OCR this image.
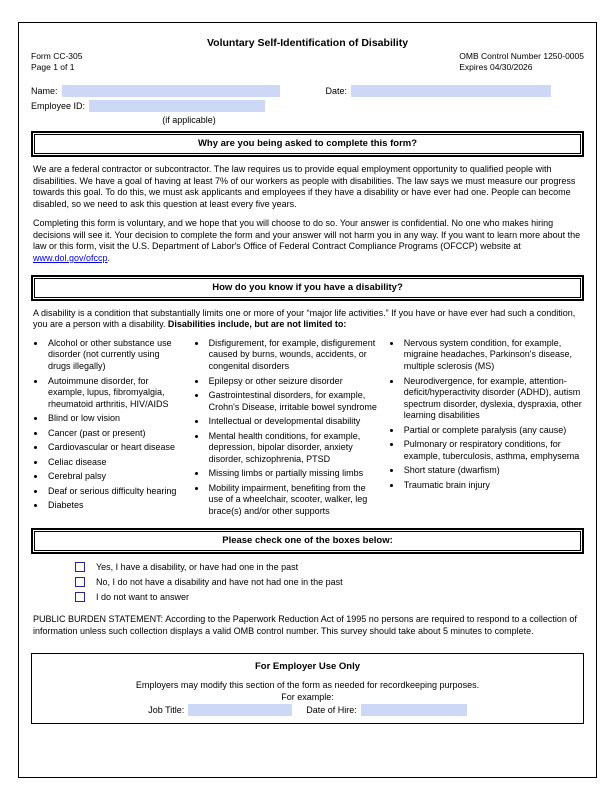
Voluntary Self-Identification of Disability
Form CC-305
Page 1 of 1
OMB Control Number 1250-0005
Expires 04/30/2026
Name:	Date:
Employee ID:
(if applicable)
Why are you being asked to complete this form?

We are a federal contractor or subcontractor. The law requires us to provide equal employment opportunity to qualified people with disabilities. We have a goal of having at least 7% of our workers as people with disabilities. The law says we must measure our progress towards this goal. To do this, we must ask applicants and employees if they have a disability or have ever had one. People can become disabled, so we need to ask this question at least every five years.

Completing this form is voluntary, and we hope that you will choose to do so. Your answer is confidential. No one who makes hiring decisions will see it. Your decision to complete the form and your answer will not harm you in any way. If you want to learn more about the law or this form, visit the U.S. Department of Labor's Office of Federal Contract Compliance Programs (OFCCP) website at www.dol.gov/ofccp.

How do you know if you have a disability?

A disability is a condition that substantially limits one or more of your “major life activities.” If you have or have ever had such a condition, you are a person with a disability. Disabilities include, but are not limited to:

• Alcohol or other substance use disorder (not currently using drugs illegally)
• Autoimmune disorder, for example, lupus, fibromyalgia, rheumatoid arthritis, HIV/AIDS
• Blind or low vision
• Cancer (past or present)
• Cardiovascular or heart disease
• Celiac disease
• Cerebral palsy
• Deaf or serious difficulty hearing
• Diabetes
• Disfigurement, for example, disfigurement caused by burns, wounds, accidents, or congenital disorders
• Epilepsy or other seizure disorder
• Gastrointestinal disorders, for example, Crohn's Disease, irritable bowel syndrome
• Intellectual or developmental disability
• Mental health conditions, for example, depression, bipolar disorder, anxiety disorder, schizophrenia, PTSD
• Missing limbs or partially missing limbs
• Mobility impairment, benefiting from the use of a wheelchair, scooter, walker, leg brace(s) and/or other supports
• Nervous system condition, for example, migraine headaches, Parkinson's disease, multiple sclerosis (MS)
• Neurodivergence, for example, attention-deficit/hyperactivity disorder (ADHD), autism spectrum disorder, dyslexia, dyspraxia, other learning disabilities
• Partial or complete paralysis (any cause)
• Pulmonary or respiratory conditions, for example, tuberculosis, asthma, emphysema
• Short stature (dwarfism)
• Traumatic brain injury
Please check one of the boxes below:
Yes, I have a disability, or have had one in the past
No, I do not have a disability and have not had one in the past
I do not want to answer

PUBLIC BURDEN STATEMENT: According to the Paperwork Reduction Act of 1995 no persons are required to respond to a collection of information unless such collection displays a valid OMB control number. This survey should take about 5 minutes to complete.

For Employer Use Only
Employers may modify this section of the form as needed for recordkeeping purposes.
For example:
Job Title:	Date of Hire:
